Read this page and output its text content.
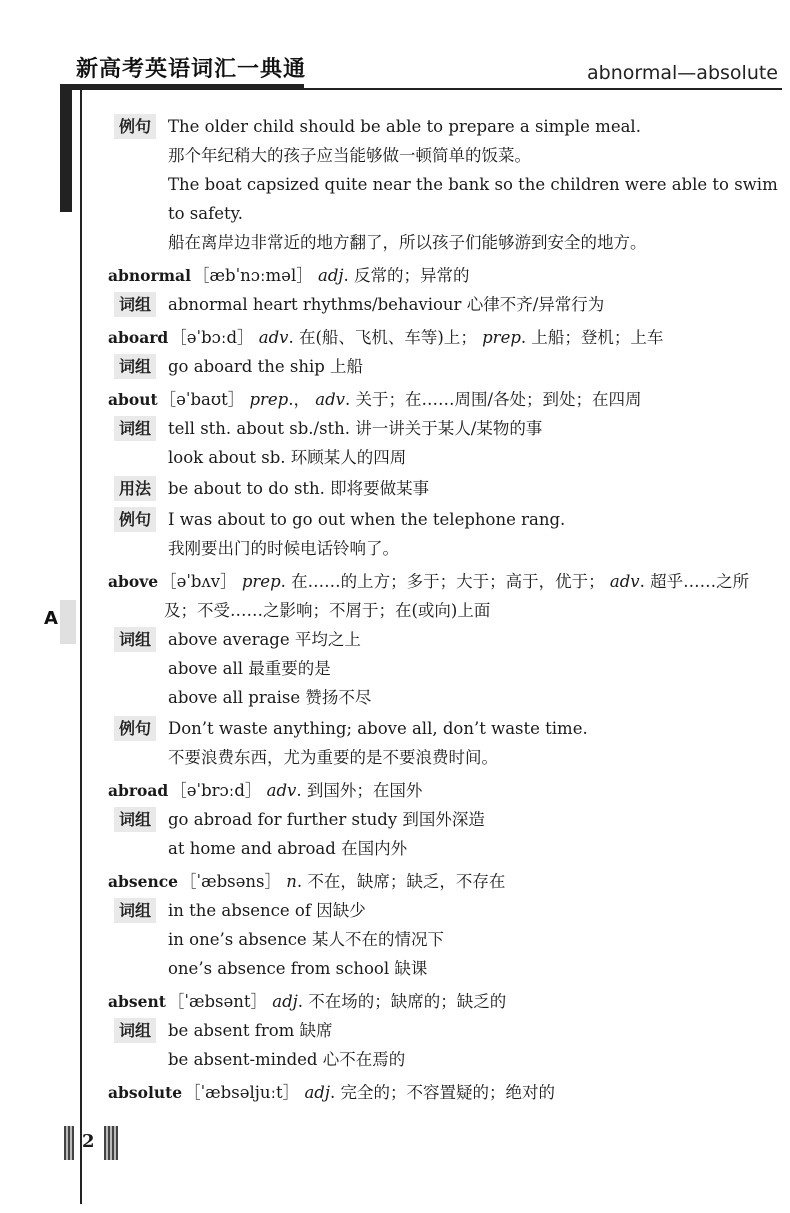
新高考英语词汇一典通	abnormal—absolute
A
例句	The older child should be able to prepare a simple meal.
那个年纪稍大的孩子应当能够做一顿简单的饭菜。
The boat capsized quite near the bank so the children were able to swim to safety.
船在离岸边非常近的地方翻了，所以孩子们能够游到安全的地方。
abnormal ［æbˈnɔːməl］ adj. 反常的；异常的
词组	abnormal heart rhythms/behaviour 心律不齐/异常行为
aboard ［əˈbɔːd］ adv. 在(船、飞机、车等)上； prep. 上船；登机；上车
词组	go aboard the ship 上船
about ［əˈbaʊt］ prep.， adv. 关于；在……周围/各处；到处；在四周
词组	tell sth. about sb./sth. 讲一讲关于某人/某物的事
look about sb. 环顾某人的四周
用法	be about to do sth. 即将要做某事
例句	I was about to go out when the telephone rang.
我刚要出门的时候电话铃响了。
above ［əˈbʌv］ prep. 在……的上方；多于；大于；高于，优于； adv. 超乎……之所
及；不受……之影响；不屑于；在(或向)上面
词组	above average 平均之上
above all 最重要的是
above all praise 赞扬不尽
例句	Don’t waste anything; above all, don’t waste time.
不要浪费东西，尤为重要的是不要浪费时间。
abroad ［əˈbrɔːd］ adv. 到国外；在国外
词组	go abroad for further study 到国外深造
at home and abroad 在国内外
absence ［ˈæbsəns］ n. 不在，缺席；缺乏，不存在
词组	in the absence of 因缺少
in one’s absence 某人不在的情况下
one’s absence from school 缺课
absent ［ˈæbsənt］ adj. 不在场的；缺席的；缺乏的
词组	be absent from 缺席
be absent-minded 心不在焉的
absolute ［ˈæbsəljuːt］ adj. 完全的；不容置疑的；绝对的
2
